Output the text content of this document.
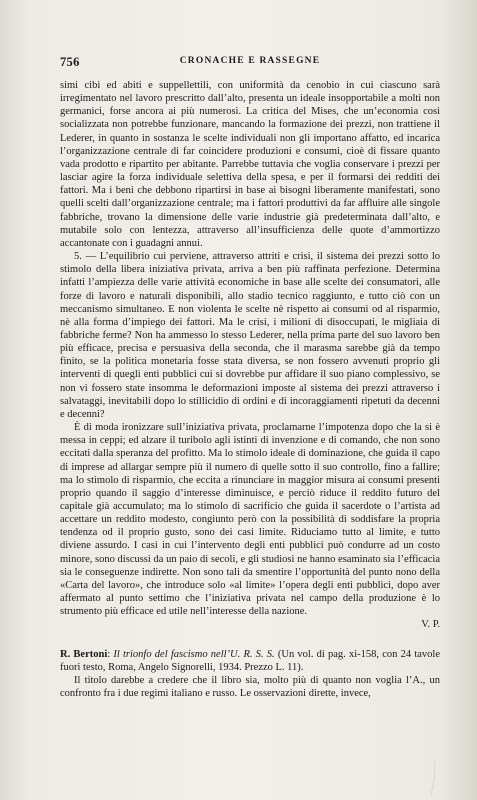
756	CRONACHE E RASSEGNE

simi cibi ed abiti e suppellettili, con uniformità da cenobio in cui ciascuno sarà irregimentato nel lavoro prescritto dall’alto, presenta un ideale insopportabile a molti non germanici, forse ancora ai più numerosi. La critica del Mises, che un’economia così socializzata non potrebbe funzionare, mancando la formazione dei prezzi, non trattiene il Lederer, in quanto in sostanza le scelte individuali non gli importano affatto, ed incarica l’organizzazione centrale di far coincidere produzioni e consumi, cioè di fissare quanto vada prodotto e ripartito per abitante. Parrebbe tuttavia che voglia conservare i prezzi per lasciar agire la forza individuale selettiva della spesa, e per il formarsi dei redditi dei fattori. Ma i beni che debbono ripartirsi in base ai bisogni liberamente manifestati, sono quelli scelti dall’organizzazione centrale; ma i fattori produttivi da far affluire alle singole fabbriche, trovano la dimensione delle varie industrie già predeterminata dall’alto, e mutabile solo con lentezza, attraverso all’insufficienza delle quote d’ammortizzo accantonate con i guadagni annui.

5. — L’equilibrio cui perviene, attraverso attriti e crisi, il sistema dei prezzi sotto lo stimolo della libera iniziativa privata, arriva a ben più raffinata perfezione. Determina infatti l’ampiezza delle varie attività economiche in base alle scelte dei consumatori, alle forze di lavoro e naturali disponibili, allo stadio tecnico raggiunto, e tutto ciò con un meccanismo simultaneo. E non violenta le scelte nè rispetto ai consumi od al risparmio, nè alla forma d’impiego dei fattori. Ma le crisi, i milioni di disoccupati, le migliaia di fabbriche ferme? Non ha ammesso lo stesso Lederer, nella prima parte del suo lavoro ben più efficace, precisa e persuasiva della seconda, che il marasma sarebbe già da tempo finito, se la politica monetaria fosse stata diversa, se non fossero avvenuti proprio gli interventi di quegli enti pubblici cui si dovrebbe pur affidare il suo piano complessivo, se non vi fossero state insomma le deformazioni imposte al sistema dei prezzi attraverso i salvataggi, inevitabili dopo lo stillicidio di ordini e di incoraggiamenti ripetuti da decenni e decenni?

È di moda ironizzare sull’iniziativa privata, proclamarne l’impotenza dopo che la si è messa in ceppi; ed alzare il turibolo agli istinti di invenzione e di comando, che non sono eccitati dalla speranza del profitto. Ma lo stimolo ideale di dominazione, che guida il capo di imprese ad allargar sempre più il numero di quelle sotto il suo controllo, fino a fallire; ma lo stimolo di risparmio, che eccita a rinunciare in maggior misura ai consumi presenti proprio quando il saggio d’interesse diminuisce, e perciò riduce il reddito futuro del capitale già accumulato; ma lo stimolo di sacrificio che guida il sacerdote o l’artista ad accettare un reddito modesto, congiunto però con la possibilità di soddisfare la propria tendenza od il proprio gusto, sono dei casi limite. Riduciamo tutto al limite, e tutto diviene assurdo. I casi in cui l’intervento degli enti pubblici può condurre ad un costo minore, sono discussi da un paio di secoli, e gli studiosi ne hanno esaminato sia l’efficacia sia le conseguenze indirette. Non sono tali da smentire l’opportunità del punto nono della «Carta del lavoro», che introduce solo «al limite» l’opera degli enti pubblici, dopo aver affermato al punto settimo che l’iniziativa privata nel campo della produzione è lo strumento più efficace ed utile nell’interesse della nazione.

V. P.

R. Bertoni: Il trionfo del fascismo nell’U. R. S. S. (Un vol. di pag. xi-158, con 24 tavole fuori testo, Roma, Angelo Signorelli, 1934. Prezzo L. 11).

Il titolo darebbe a credere che il libro sia, molto più di quanto non voglia l’A., un confronto fra i due regimi italiano e russo. Le osservazioni dirette, invece,
